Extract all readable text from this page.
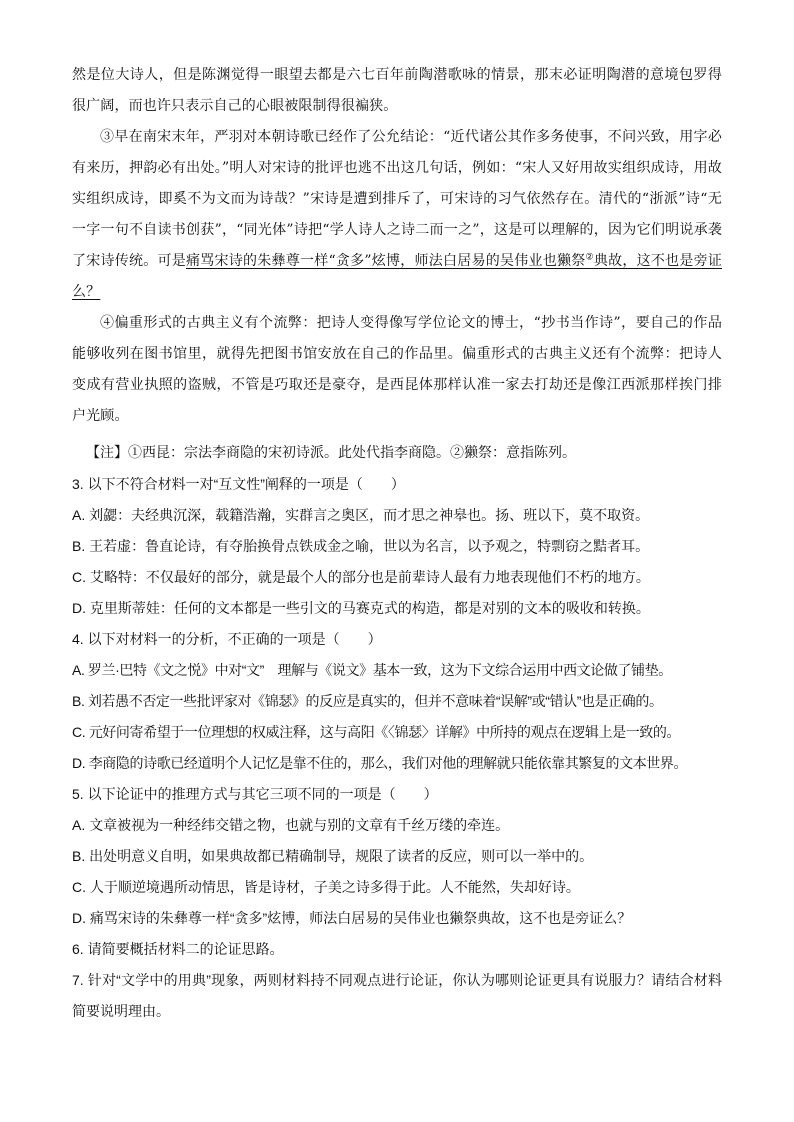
然是位大诗人，但是陈渊觉得一眼望去都是六七百年前陶潜歌咏的情景，那末必证明陶潜的意境包罗得很广阔，而也许只表示自己的心眼被限制得很褊狭。

③早在南宋末年，严羽对本朝诗歌已经作了公允结论：“近代诸公其作多务使事，不问兴致，用字必有来历，押韵必有出处。”明人对宋诗的批评也逃不出这几句话，例如：“宋人又好用故实组织成诗，用故实组织成诗，即奚不为文而为诗哉？”宋诗是遭到排斥了，可宋诗的习气依然存在。清代的“浙派”诗“无一字一句不自读书创获”，“同光体”诗把“学人诗人之诗二而一之”，这是可以理解的，因为它们明说承袭了宋诗传统。可是痛骂宋诗的朱彝尊一样“贪多”炫博，师法白居易的吴伟业也獭祭②典故，这不也是旁证么？

④偏重形式的古典主义有个流弊：把诗人变得像写学位论文的博士，“抄书当作诗”，要自己的作品能够收列在图书馆里，就得先把图书馆安放在自己的作品里。偏重形式的古典主义还有个流弊：把诗人变成有营业执照的盗贼，不管是巧取还是豪夺，是西昆体那样认准一家去打劫还是像江西派那样挨门排户光顾。

【注】①西昆：宗法李商隐的宋初诗派。此处代指李商隐。②獭祭：意指陈列。

3. 以下不符合材料一对“互文性”阐释的一项是（　　）

A. 刘勰：夫经典沉深，载籍浩瀚，实群言之奥区，而才思之神皋也。扬、班以下，莫不取资。

B. 王若虚：鲁直论诗，有夺胎换骨点铁成金之喻，世以为名言，以予观之，特剽窃之黠者耳。

C. 艾略特：不仅最好的部分，就是最个人的部分也是前辈诗人最有力地表现他们不朽的地方。

D. 克里斯蒂娃：任何的文本都是一些引文的马赛克式的构造，都是对别的文本的吸收和转换。

4. 以下对材料一的分析，不正确的一项是（　　）

A. 罗兰·巴特《文之悦》中对“文”　理解与《说文》基本一致，这为下文综合运用中西文论做了铺垫。

B. 刘若愚不否定一些批评家对《锦瑟》的反应是真实的，但并不意味着“误解”或“错认”也是正确的。

C. 元好问寄希望于一位理想的权威注释，这与高阳《〈锦瑟〉详解》中所持的观点在逻辑上是一致的。

D. 李商隐的诗歌已经道明个人记忆是靠不住的，那么，我们对他的理解就只能依靠其繁复的文本世界。

5. 以下论证中的推理方式与其它三项不同的一项是（　　）

A. 文章被视为一种经纬交错之物，也就与别的文章有千丝万缕的牵连。

B. 出处明意义自明，如果典故都已精确制导，规限了读者的反应，则可以一举中的。

C. 人于顺逆境遇所动情思，皆是诗材，子美之诗多得于此。人不能然，失却好诗。

D. 痛骂宋诗的朱彝尊一样“贪多”炫博，师法白居易的吴伟业也獭祭典故，这不也是旁证么？

6. 请简要概括材料二的论证思路。

7. 针对“文学中的用典”现象，两则材料持不同观点进行论证，你认为哪则论证更具有说服力？请结合材料简要说明理由。
